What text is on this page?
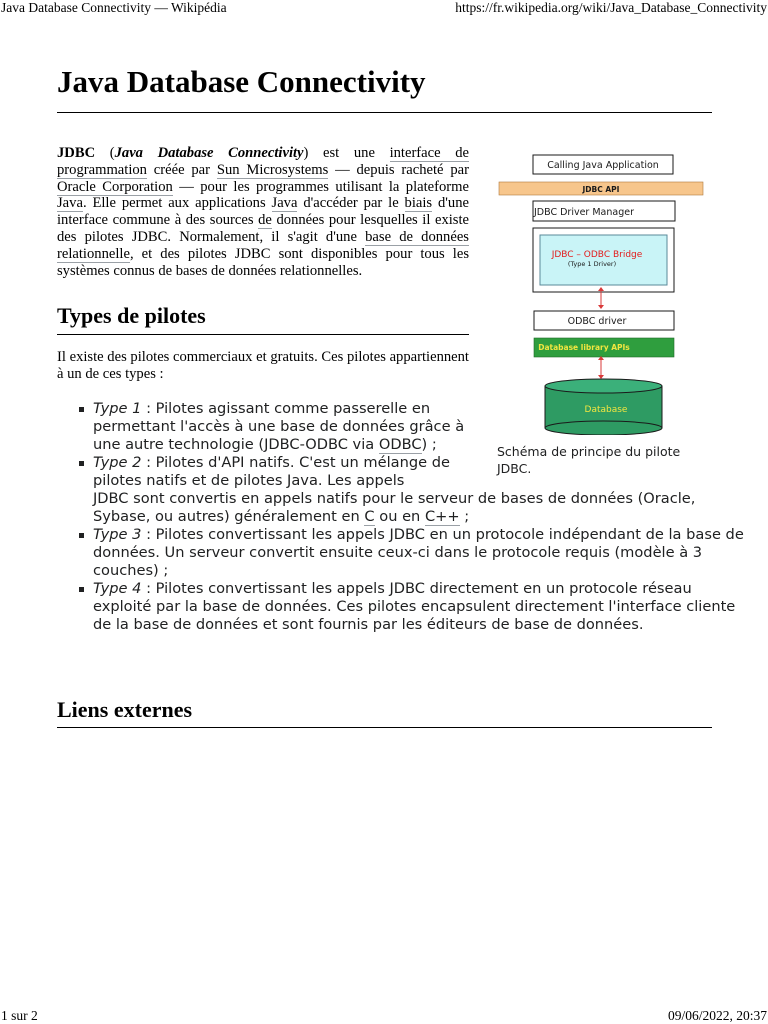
Java Database Connectivity — Wikipédia	https://fr.wikipedia.org/wiki/Java_Database_Connectivity
Java Database Connectivity

JDBC (Java Database Connectivity) est une interface de programmation créée par Sun Microsystems — depuis racheté par Oracle Corporation — pour les programmes utilisant la plateforme Java. Elle permet aux applications Java d'accéder par le biais d'une interface commune à des sources de données pour lesquelles il existe des pilotes JDBC. Normalement, il s'agit d'une base de données relationnelle, et des pilotes JDBC sont disponibles pour tous les systèmes connus de bases de données relationnelles.

Types de pilotes

Il existe des pilotes commerciaux et gratuits. Ces pilotes appartiennent à un de ces types :

Type 1 : Pilotes agissant comme passerelle en permettant l'accès à une base de données grâce à une autre technologie (JDBC-ODBC via ODBC) ;
Type 2 : Pilotes d'API natifs. C'est un mélange de pilotes natifs et de pilotes Java. Les appels
JDBC sont convertis en appels natifs pour le serveur de bases de données (Oracle, Sybase, ou autres) généralement en C ou en C++ ;
Type 3 : Pilotes convertissant les appels JDBC en un protocole indépendant de la base de données. Un serveur convertit ensuite ceux-ci dans le protocole requis (modèle à 3 couches) ;
Type 4 : Pilotes convertissant les appels JDBC directement en un protocole réseau exploité par la base de données. Ces pilotes encapsulent directement l'interface cliente de la base de données et sont fournis par les éditeurs de base de données.
Liens externes
Calling Java Application
JDBC API
JDBC Driver Manager
JDBC – ODBC Bridge
(Type 1 Driver)
ODBC driver
Database library APIs
Database
Schéma de principe du pilote JDBC.
1 sur 2	09/06/2022, 20:37
